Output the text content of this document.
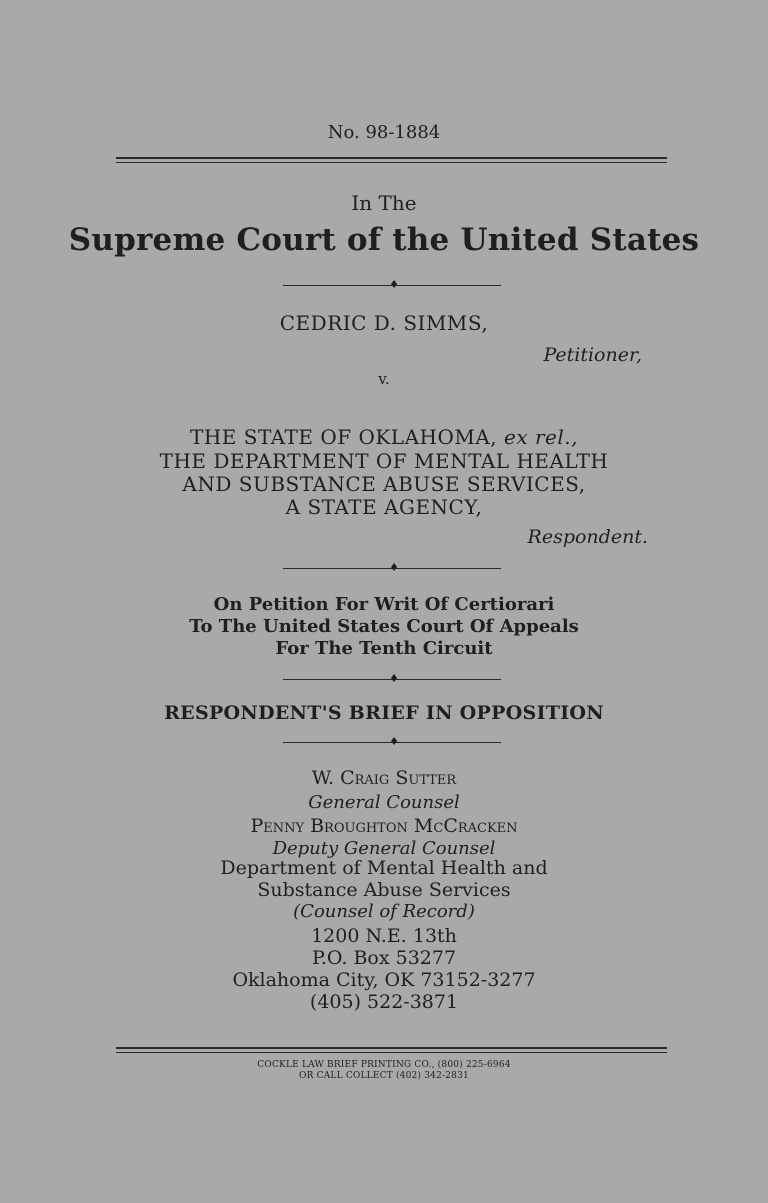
No. 98-1884
In The
Supreme Court of the United States
♦
CEDRIC D. SIMMS,
Petitioner,
v.
THE STATE OF OKLAHOMA, ex rel.,
THE DEPARTMENT OF MENTAL HEALTH
AND SUBSTANCE ABUSE SERVICES,
A STATE AGENCY,
Respondent.
♦
On Petition For Writ Of Certiorari
To The United States Court Of Appeals
For The Tenth Circuit
♦
RESPONDENT'S BRIEF IN OPPOSITION
♦
W. Craig Sutter
General Counsel
Penny Broughton McCracken
Deputy General Counsel
Department of Mental Health and
Substance Abuse Services
(Counsel of Record)
1200 N.E. 13th
P.O. Box 53277
Oklahoma City, OK 73152-3277
(405) 522-3871
COCKLE LAW BRIEF PRINTING CO., (800) 225-6964
OR CALL COLLECT (402) 342-2831
